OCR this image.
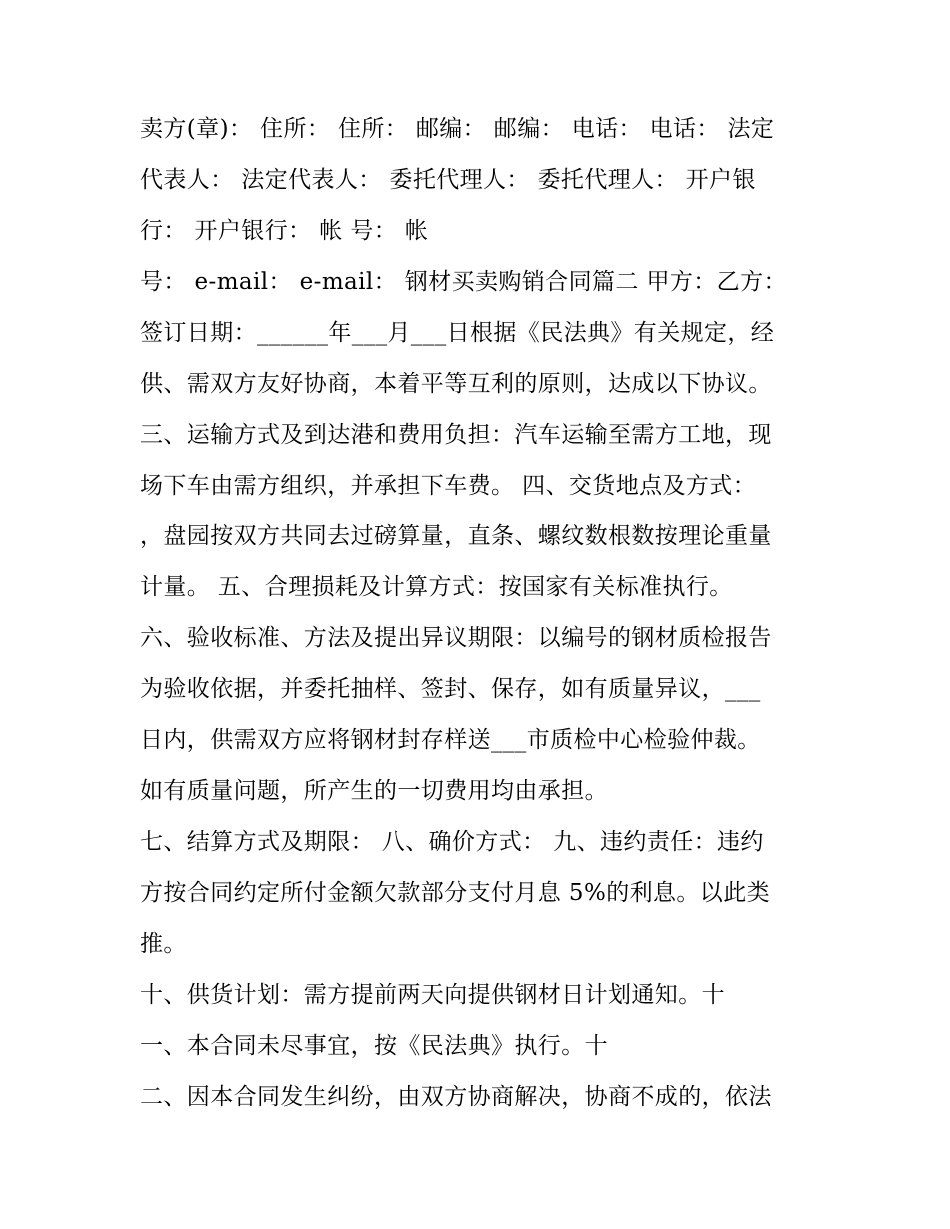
卖方(章)： 住所： 住所： 邮编： 邮编： 电话： 电话： 法定

代表人： 法定代表人： 委托代理人： 委托代理人： 开户银

行： 开户银行： 帐 号： 帐

号： e-mail： e-mail： 钢材买卖购销合同篇二 甲方：乙方：

签订日期：______年___月___日根据《民法典》有关规定，经

供、需双方友好协商，本着平等互利的原则，达成以下协议。

三、运输方式及到达港和费用负担：汽车运输至需方工地，现

场下车由需方组织，并承担下车费。 四、交货地点及方式：

，盘园按双方共同去过磅算量，直条、螺纹数根数按理论重量

计量。 五、合理损耗及计算方式：按国家有关标准执行。

六、验收标准、方法及提出异议期限：以编号的钢材质检报告

为验收依据，并委托抽样、签封、保存，如有质量异议，___

日内，供需双方应将钢材封存样送___市质检中心检验仲裁。

如有质量问题，所产生的一切费用均由承担。

七、结算方式及期限： 八、确价方式： 九、违约责任：违约

方按合同约定所付金额欠款部分支付月息 5%的利息。以此类

推。

十、供货计划：需方提前两天向提供钢材日计划通知。十

一、本合同未尽事宜，按《民法典》执行。十

二、因本合同发生纠纷，由双方协商解决，协商不成的，依法
